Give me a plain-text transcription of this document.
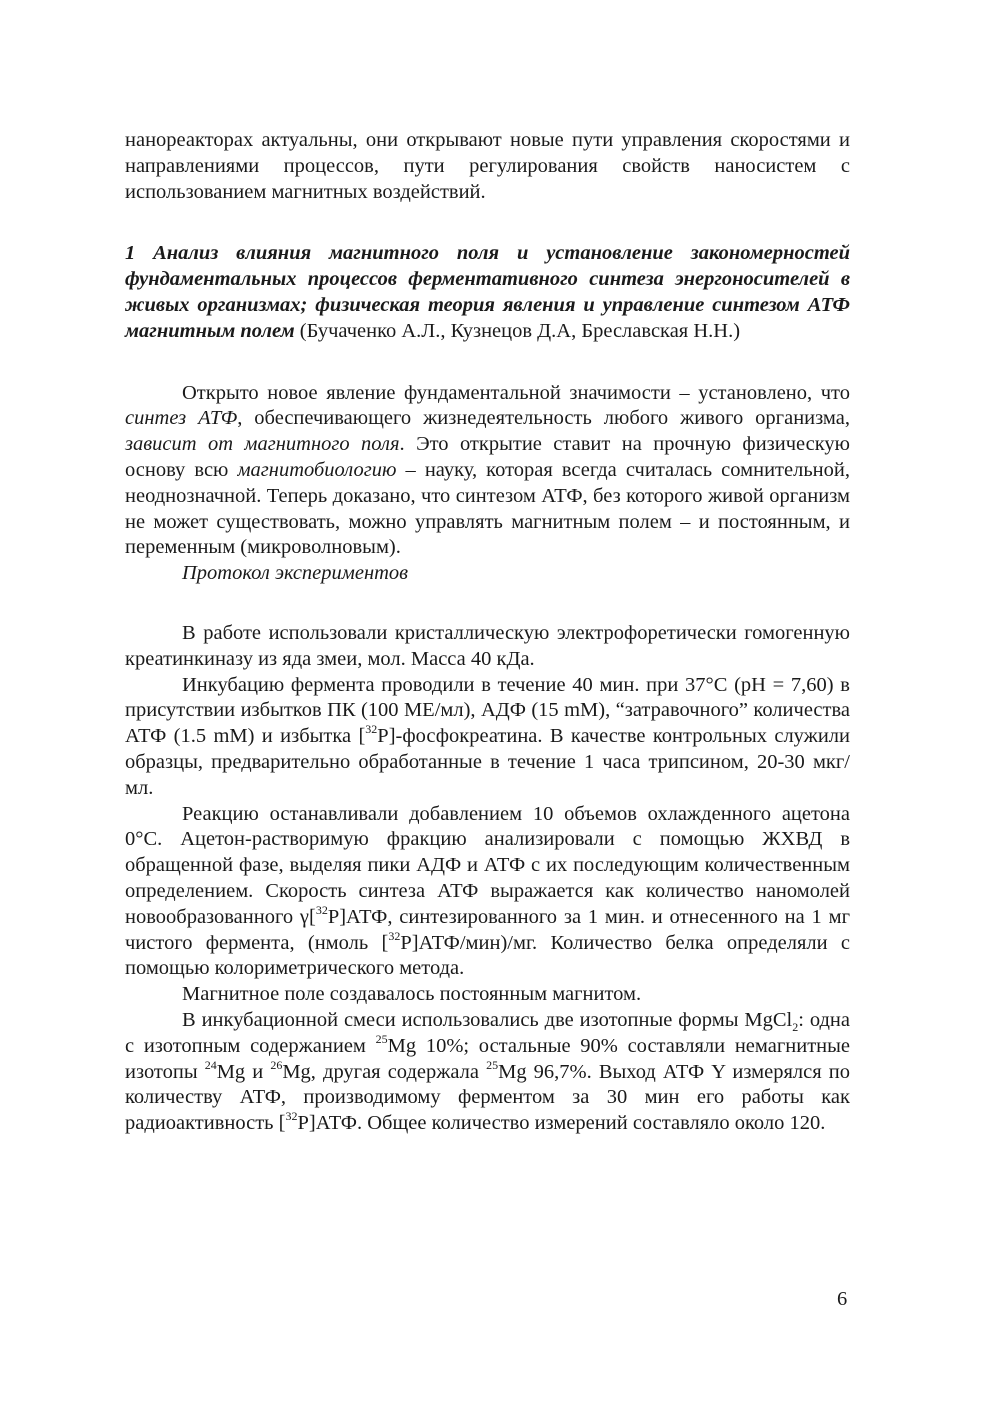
нанореакторах актуальны, они открывают новые пути управления скоростями и направлениями процессов, пути регулирования свойств наносистем с использованием магнитных воздействий.

1 Анализ влияния магнитного поля и установление закономерностей фундаментальных процессов ферментативного синтеза энергоносителей в живых организмах; физическая теория явления и управление синтезом АТФ магнитным полем (Бучаченко А.Л., Кузнецов Д.А, Бреславская Н.Н.)

Открыто новое явление фундаментальной значимости – установлено, что синтез АТФ, обеспечивающего жизнедеятельность любого живого организма, зависит от магнитного поля. Это открытие ставит на прочную физическую основу всю магнитобиологию – науку, которая всегда считалась сомнительной, неоднозначной. Теперь доказано, что синтезом АТФ, без которого живой организм не может существовать, можно управлять магнитным полем – и постоянным, и переменным (микроволновым).

Протокол экспериментов

В работе использовали кристаллическую электрофоретически гомогенную креатинкиназу из яда змеи, мол. Масса 40 кДа.

Инкубацию фермента проводили в течение 40 мин. при 37°С (рН = 7,60) в присутствии избытков ПК (100 МЕ/мл), АДФ (15 mM), “затравочного” количества АТФ (1.5 mM) и избытка [$^{32}$P]-фосфокреатина. В качестве контрольных служили образцы, предварительно обработанные в течение 1 часа трипсином, 20-30 мкг/мл.

Реакцию останавливали добавлением 10 объемов охлажденного ацетона 0°С. Ацетон-растворимую фракцию анализировали с помощью ЖХВД в обращенной фазе, выделяя пики АДФ и АТФ с их последующим количественным определением. Скорость синтеза АТФ выражается как количество наномолей новообразованного γ[$^{32}$P]АТФ, синтезированного за 1 мин. и отнесенного на 1 мг чистого фермента, (нмоль [$^{32}$P]АТФ/мин)/мг. Количество белка определяли с помощью колориметрического метода.

Магнитное поле создавалось постоянным магнитом.

В инкубационной смеси использовались две изотопные формы MgCl$_2$: одна с изотопным содержанием $^{25}$Mg 10%; остальные 90% составляли немагнитные изотопы $^{24}$Mg и $^{26}$Mg, другая содержала $^{25}$Mg 96,7%. Выход АТФ Y измерялся по количеству АТФ, производимому ферментом за 30 мин его работы как радиоактивность [$^{32}$P]АТФ. Общее количество измерений составляло около 120.

6
